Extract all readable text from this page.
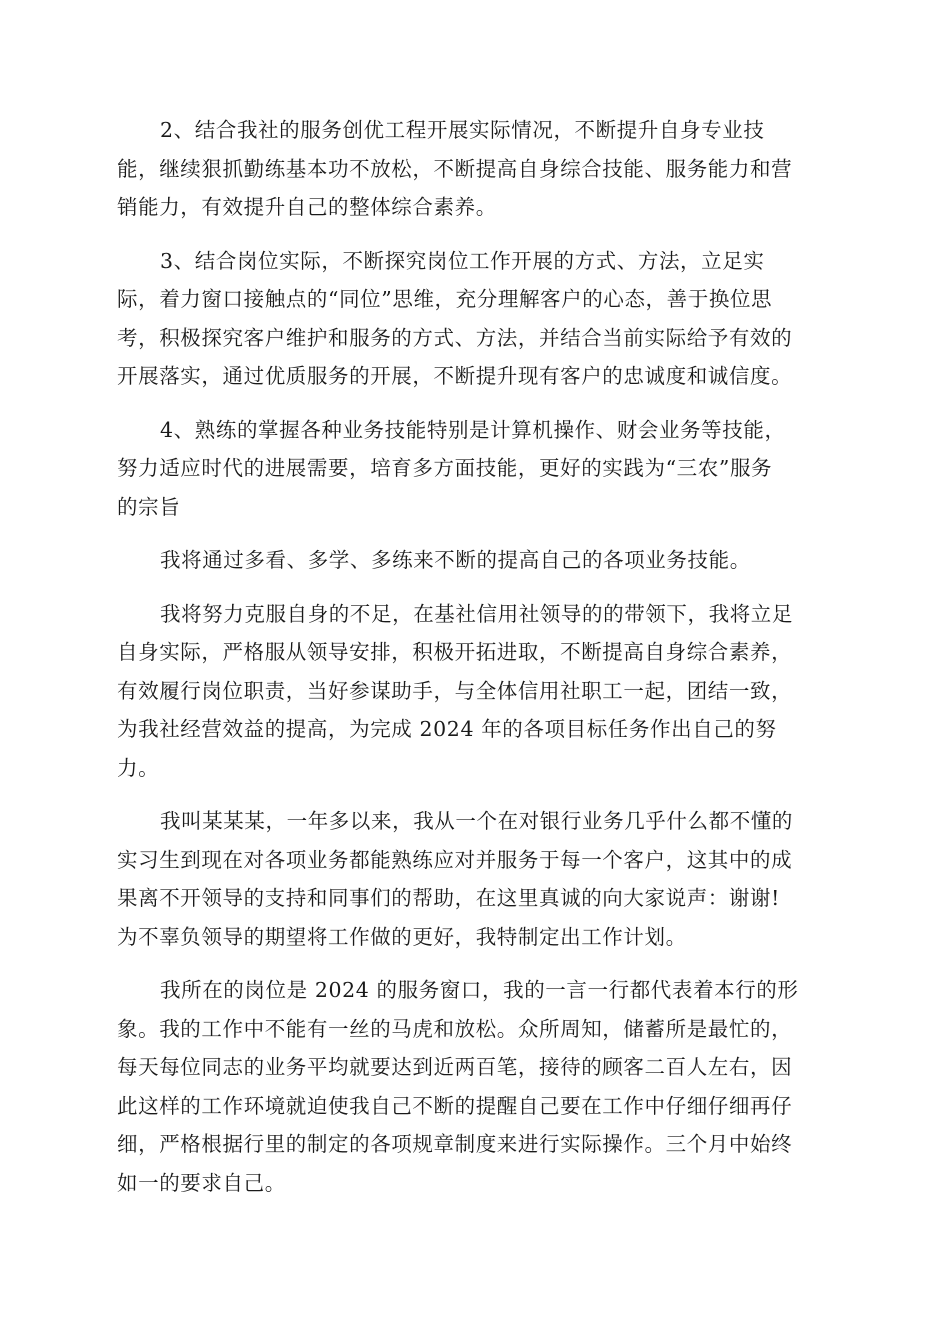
2、结合我社的服务创优工程开展实际情况，不断提升自身专业技
能，继续狠抓勤练基本功不放松，不断提高自身综合技能、服务能力和营
销能力，有效提升自己的整体综合素养。
3、结合岗位实际，不断探究岗位工作开展的方式、方法，立足实
际，着力窗口接触点的“同位”思维，充分理解客户的心态，善于换位思
考，积极探究客户维护和服务的方式、方法，并结合当前实际给予有效的
开展落实，通过优质服务的开展，不断提升现有客户的忠诚度和诚信度。
4、熟练的掌握各种业务技能特别是计算机操作、财会业务等技能，
努力适应时代的进展需要，培育多方面技能，更好的实践为“三农”服务
的宗旨
我将通过多看、多学、多练来不断的提高自己的各项业务技能。
我将努力克服自身的不足，在基社信用社领导的的带领下，我将立足
自身实际，严格服从领导安排，积极开拓进取，不断提高自身综合素养，
有效履行岗位职责，当好参谋助手，与全体信用社职工一起，团结一致，
为我社经营效益的提高，为完成 2024 年的各项目标任务作出自己的努
力。
我叫某某某，一年多以来，我从一个在对银行业务几乎什么都不懂的
实习生到现在对各项业务都能熟练应对并服务于每一个客户，这其中的成
果离不开领导的支持和同事们的帮助，在这里真诚的向大家说声：谢谢!
为不辜负领导的期望将工作做的更好，我特制定出工作计划。
我所在的岗位是 2024 的服务窗口，我的一言一行都代表着本行的形
象。我的工作中不能有一丝的马虎和放松。众所周知，储蓄所是最忙的，
每天每位同志的业务平均就要达到近两百笔，接待的顾客二百人左右，因
此这样的工作环境就迫使我自己不断的提醒自己要在工作中仔细仔细再仔
细，严格根据行里的制定的各项规章制度来进行实际操作。三个月中始终
如一的要求自己。
